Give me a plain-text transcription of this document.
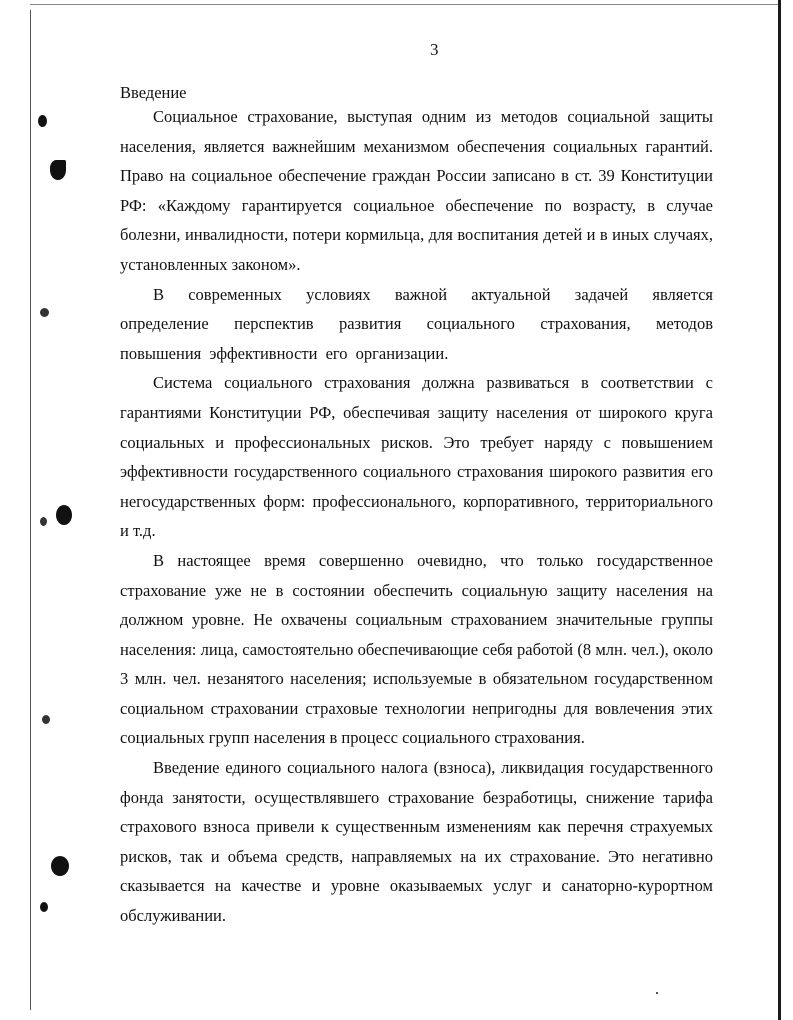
3
Введение

Социальное страхование, выступая одним из методов социальной защиты населения, является важнейшим механизмом обеспечения социальных гарантий. Право на социальное обеспечение граждан России записано в ст. 39 Конституции РФ: «Каждому гарантируется социальное обеспечение по возрасту, в случае болезни, инвалидности, потери кормильца, для воспитания детей и в иных случаях, установленных законом».

В современных условиях важной актуальной задачей является определение перспектив развития социального страхования, методов повышения эффективности его организации.

Система социального страхования должна развиваться в соответствии с гарантиями Конституции РФ, обеспечивая защиту населения от широкого круга социальных и профессиональных рисков. Это требует наряду с повышением эффективности государственного социального страхования широкого развития его негосударственных форм: профессионального, корпоративного, территориального и т.д.

В настоящее время совершенно очевидно, что только государственное страхование уже не в состоянии обеспечить социальную защиту населения на должном уровне. Не охвачены социальным страхованием значительные группы населения: лица, самостоятельно обеспечивающие себя работой (8 млн. чел.), около 3 млн. чел. незанятого населения; используемые в обязательном государственном социальном страховании страховые технологии непригодны для вовлечения этих социальных групп населения в процесс социального страхования.

Введение единого социального налога (взноса), ликвидация государственного фонда занятости, осуществлявшего страхование безработицы, снижение тарифа страхового взноса привели к существенным изменениям как перечня страхуемых рисков, так и объема средств, направляемых на их страхование. Это негативно сказывается на качестве и уровне оказываемых услуг и санаторно-курортном обслуживании.
